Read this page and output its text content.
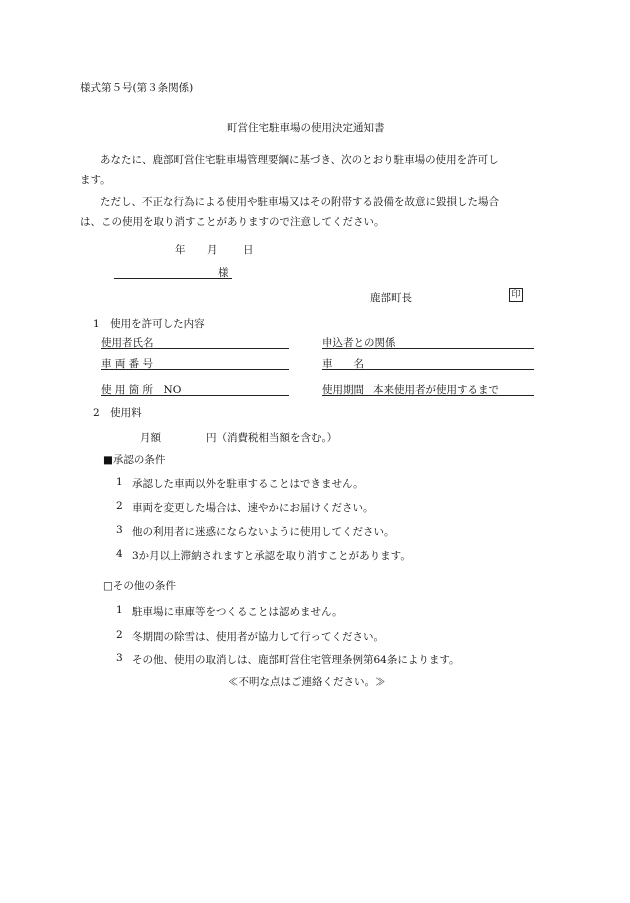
様式第５号(第３条関係)
町営住宅駐車場の使用決定通知書
あなたに、鹿部町営住宅駐車場管理要綱に基づき、次のとおり駐車場の使用を許可し
ます。
ただし、不正な行為による使用や駐車場又はその附帯する設備を故意に毀損した場合
は、この使用を取り消すことがありますので注意してください。
年 月 日
様
鹿部町長	印
1　使用を許可した内容
使用者氏名	申込者との関係
車 両 番 号	車　　名
使 用 箇 所　NO	使用期間 本来使用者が使用するまで
2　使用料
月額	円（消費税相当額を含む。）
■承認の条件
1 承認した車両以外を駐車することはできません。
2 車両を変更した場合は、速やかにお届けください。
3 他の利用者に迷惑にならないように使用してください。
4 3か月以上滞納されますと承認を取り消すことがあります。
□その他の条件
1 駐車場に車庫等をつくることは認めません。
2 冬期間の除雪は、使用者が協力して行ってください。
3 その他、使用の取消しは、鹿部町営住宅管理条例第64条によります。
≪不明な点はご連絡ください。≫
